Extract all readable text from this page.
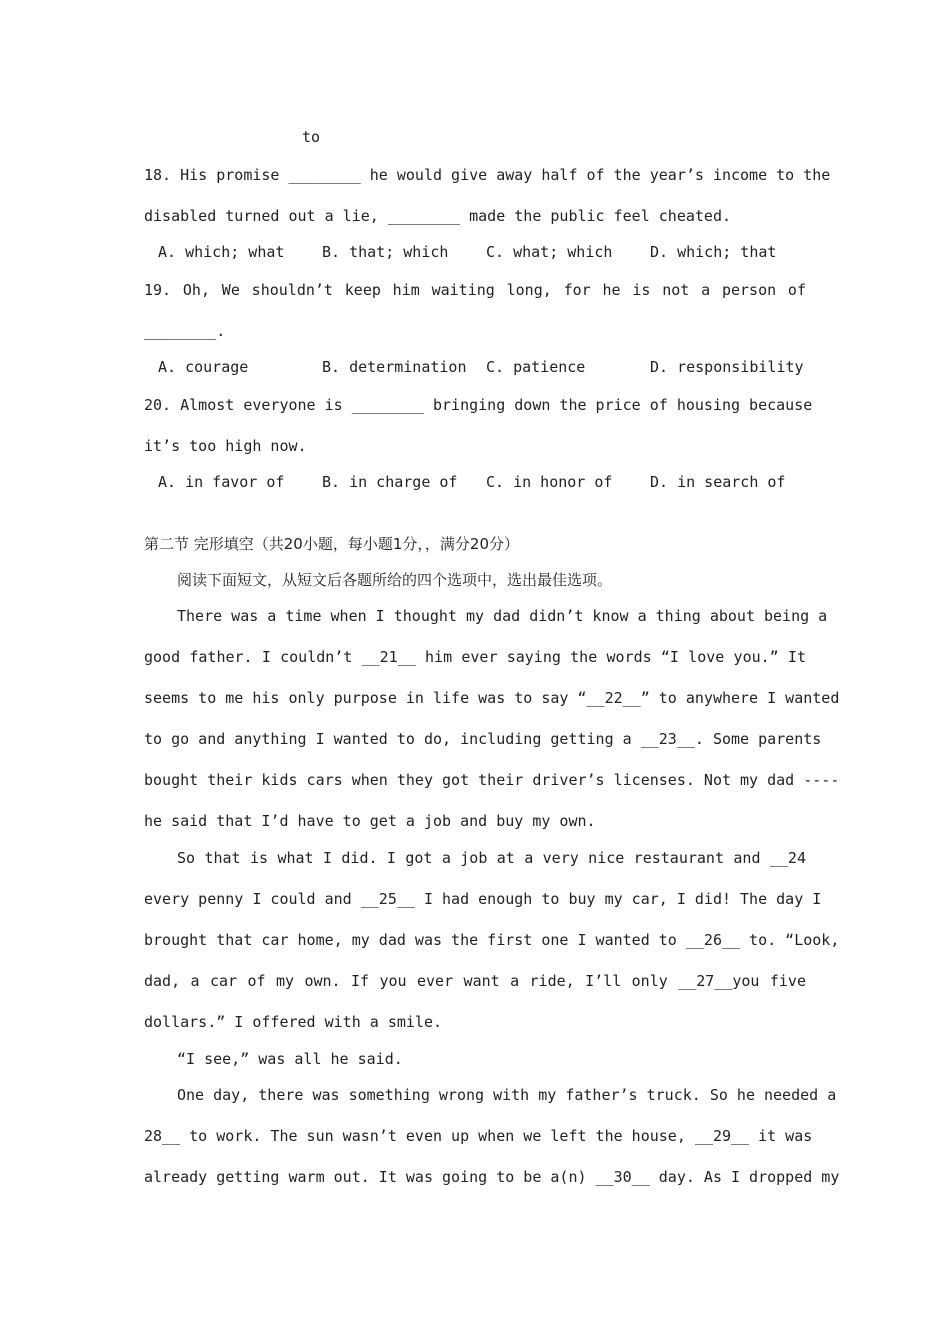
to
18. His promise ________ he would give away half of the year’s income to the
disabled turned out a lie, ________ made the public feel cheated.
A. which; what	B. that; which	C. what; which	D. which; that
19. Oh, We shouldn’t keep him waiting long, for he is not a person of
________.
A. courage	B. determination C. patience	D. responsibility
20. Almost everyone is ________ bringing down the price of housing because
it’s too high now.
A. in favor of	B. in charge of C. in honor of	D. in search of
第二节 完形填空（共20小题，每小题1分，，满分20分）
阅读下面短文，从短文后各题所给的四个选项中，选出最佳选项。
There was a time when I thought my dad didn’t know a thing about being a
good father. I couldn’t __21__ him ever saying the words “I love you.” It
seems to me his only purpose in life was to say “__22__” to anywhere I wanted
to go and anything I wanted to do, including getting a __23__. Some parents
bought their kids cars when they got their driver’s licenses. Not my dad ----
he said that I’d have to get a job and buy my own.
So that is what I did. I got a job at a very nice restaurant and __24
every penny I could and __25__ I had enough to buy my car, I did! The day I
brought that car home, my dad was the first one I wanted to __26__ to. “Look,
dad, a car of my own. If you ever want a ride, I’ll only __27__you five
dollars.” I offered with a smile.
“I see,” was all he said.
One day, there was something wrong with my father’s truck. So he needed a
28__ to work. The sun wasn’t even up when we left the house, __29__ it was
already getting warm out. It was going to be a(n) __30__ day. As I dropped my
